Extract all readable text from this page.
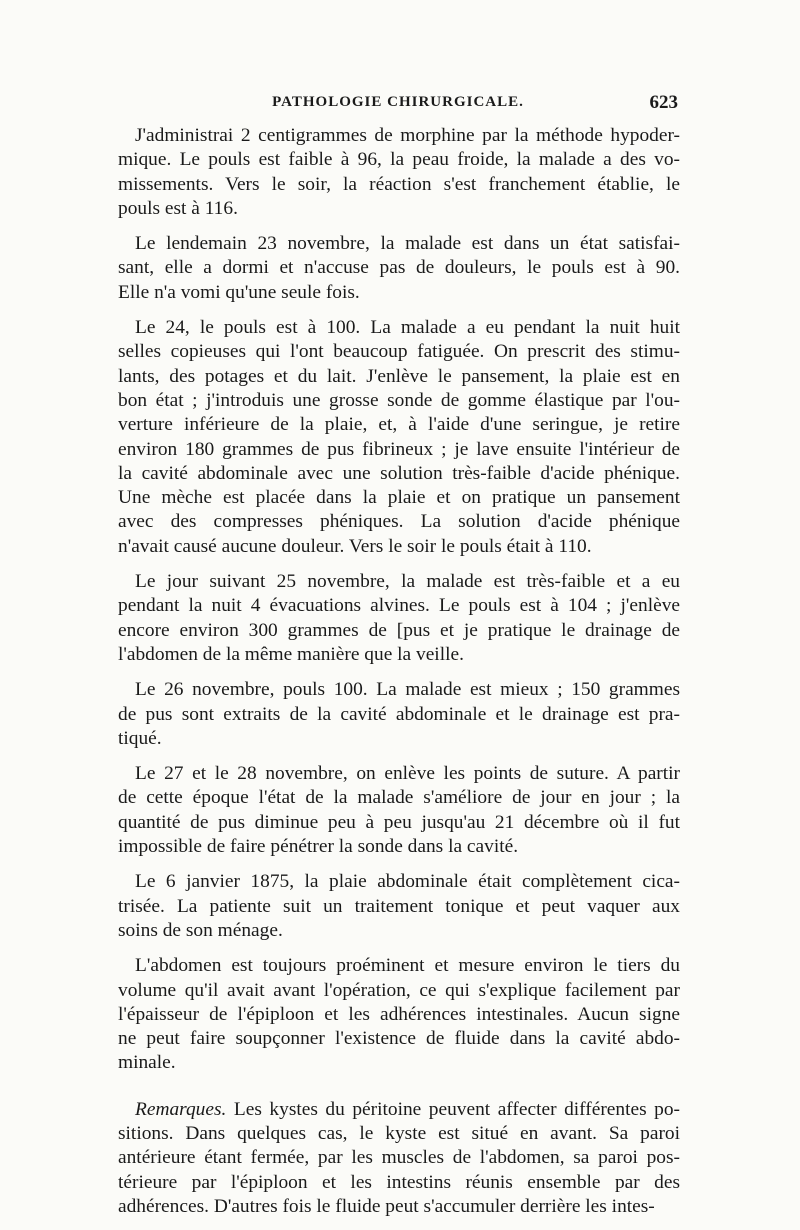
PATHOLOGIE CHIRURGICALE.	623
J'administrai 2 centigrammes de morphine par la méthode hypoder-
mique. Le pouls est faible à 96, la peau froide, la malade a des vo-
missements. Vers le soir, la réaction s'est franchement établie, le
pouls est à 116.
Le lendemain 23 novembre, la malade est dans un état satisfai-
sant, elle a dormi et n'accuse pas de douleurs, le pouls est à 90.
Elle n'a vomi qu'une seule fois.
Le 24, le pouls est à 100. La malade a eu pendant la nuit huit
selles copieuses qui l'ont beaucoup fatiguée. On prescrit des stimu-
lants, des potages et du lait. J'enlève le pansement, la plaie est en
bon état ; j'introduis une grosse sonde de gomme élastique par l'ou-
verture inférieure de la plaie, et, à l'aide d'une seringue, je retire
environ 180 grammes de pus fibrineux ; je lave ensuite l'intérieur de
la cavité abdominale avec une solution très-faible d'acide phénique.
Une mèche est placée dans la plaie et on pratique un pansement
avec des compresses phéniques. La solution d'acide phénique
n'avait causé aucune douleur. Vers le soir le pouls était à 110.
Le jour suivant 25 novembre, la malade est très-faible et a eu
pendant la nuit 4 évacuations alvines. Le pouls est à 104 ; j'enlève
encore environ 300 grammes de [pus et je pratique le drainage de
l'abdomen de la même manière que la veille.
Le 26 novembre, pouls 100. La malade est mieux ; 150 grammes
de pus sont extraits de la cavité abdominale et le drainage est pra-
tiqué.
Le 27 et le 28 novembre, on enlève les points de suture. A partir
de cette époque l'état de la malade s'améliore de jour en jour ; la
quantité de pus diminue peu à peu jusqu'au 21 décembre où il fut
impossible de faire pénétrer la sonde dans la cavité.
Le 6 janvier 1875, la plaie abdominale était complètement cica-
trisée. La patiente suit un traitement tonique et peut vaquer aux
soins de son ménage.
L'abdomen est toujours proéminent et mesure environ le tiers du
volume qu'il avait avant l'opération, ce qui s'explique facilement par
l'épaisseur de l'épiploon et les adhérences intestinales. Aucun signe
ne peut faire soupçonner l'existence de fluide dans la cavité abdo-
minale.
Remarques. Les kystes du péritoine peuvent affecter différentes po-
sitions. Dans quelques cas, le kyste est situé en avant. Sa paroi
antérieure étant fermée, par les muscles de l'abdomen, sa paroi pos-
térieure par l'épiploon et les intestins réunis ensemble par des
adhérences. D'autres fois le fluide peut s'accumuler derrière les intes-
